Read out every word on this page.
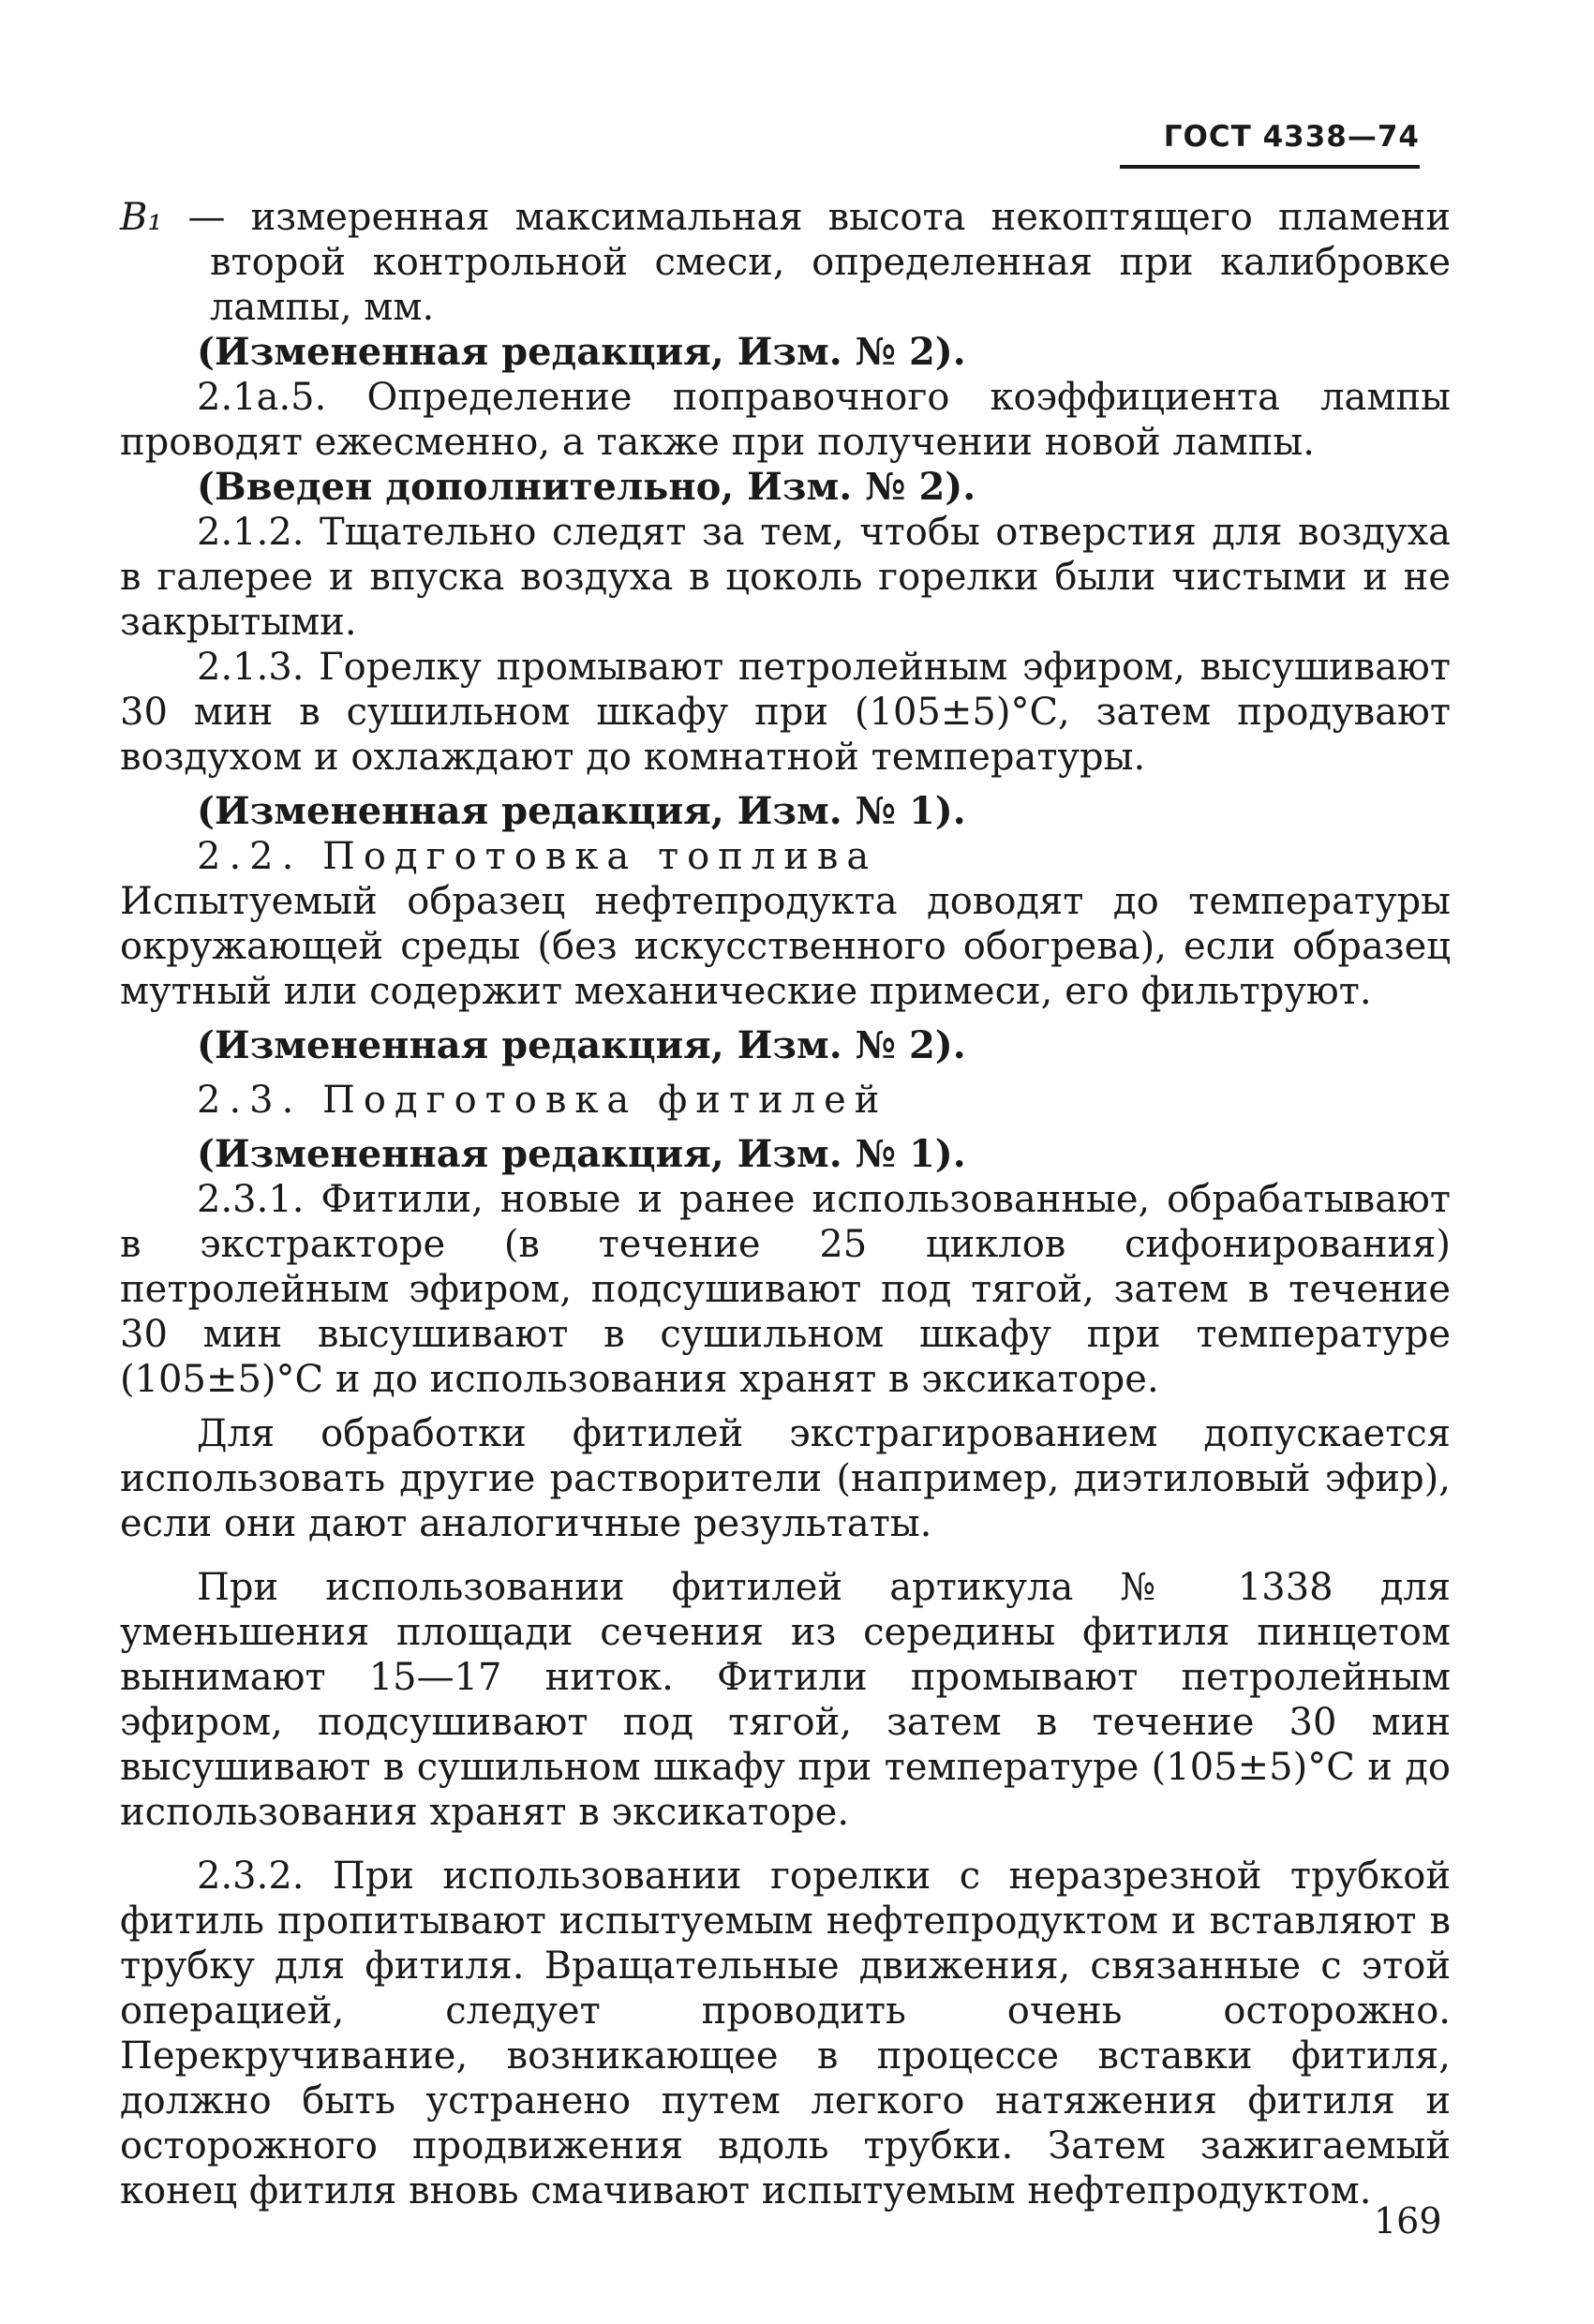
ГОСТ 4338—74

B₁ — измеренная максимальная высота некоптящего пламени второй контрольной смеси, определенная при калибровке лампы, мм.

(Измененная редакция, Изм. № 2).

2.1а.5. Определение поправочного коэффициента лампы проводят ежесменно, а также при получении новой лампы.

(Введен дополнительно, Изм. № 2).

2.1.2. Тщательно следят за тем, чтобы отверстия для воздуха в галерее и впуска воздуха в цоколь горелки были чистыми и не закрытыми.

2.1.3. Горелку промывают петролейным эфиром, высушивают 30 мин в сушильном шкафу при (105±5)°С, затем продувают воздухом и охлаждают до комнатной температуры.

(Измененная редакция, Изм. № 1).

2.2. Подготовка топлива

Испытуемый образец нефтепродукта доводят до температуры окружающей среды (без искусственного обогрева), если образец мутный или содержит механические примеси, его фильтруют.

(Измененная редакция, Изм. № 2).

2.3. Подготовка фитилей

(Измененная редакция, Изм. № 1).

2.3.1. Фитили, новые и ранее использованные, обрабатывают в экстракторе (в течение 25 циклов сифонирования) петролейным эфиром, подсушивают под тягой, затем в течение 30 мин высушивают в сушильном шкафу при температуре (105±5)°С и до использования хранят в эксикаторе.

Для обработки фитилей экстрагированием допускается использовать другие растворители (например, диэтиловый эфир), если они дают аналогичные результаты.

При использовании фитилей артикула № 1338 для уменьшения площади сечения из середины фитиля пинцетом вынимают 15—17 ниток. Фитили промывают петролейным эфиром, подсушивают под тягой, затем в течение 30 мин высушивают в сушильном шкафу при температуре (105±5)°С и до использования хранят в эксикаторе.

2.3.2. При использовании горелки с неразрезной трубкой фитиль пропитывают испытуемым нефтепродуктом и вставляют в трубку для фитиля. Вращательные движения, связанные с этой операцией, следует проводить очень осторожно. Перекручивание, возникающее в процессе вставки фитиля, должно быть устранено путем легкого натяжения фитиля и осторожного продвижения вдоль трубки. Затем зажигаемый конец фитиля вновь смачивают испытуемым нефтепродуктом.

169
